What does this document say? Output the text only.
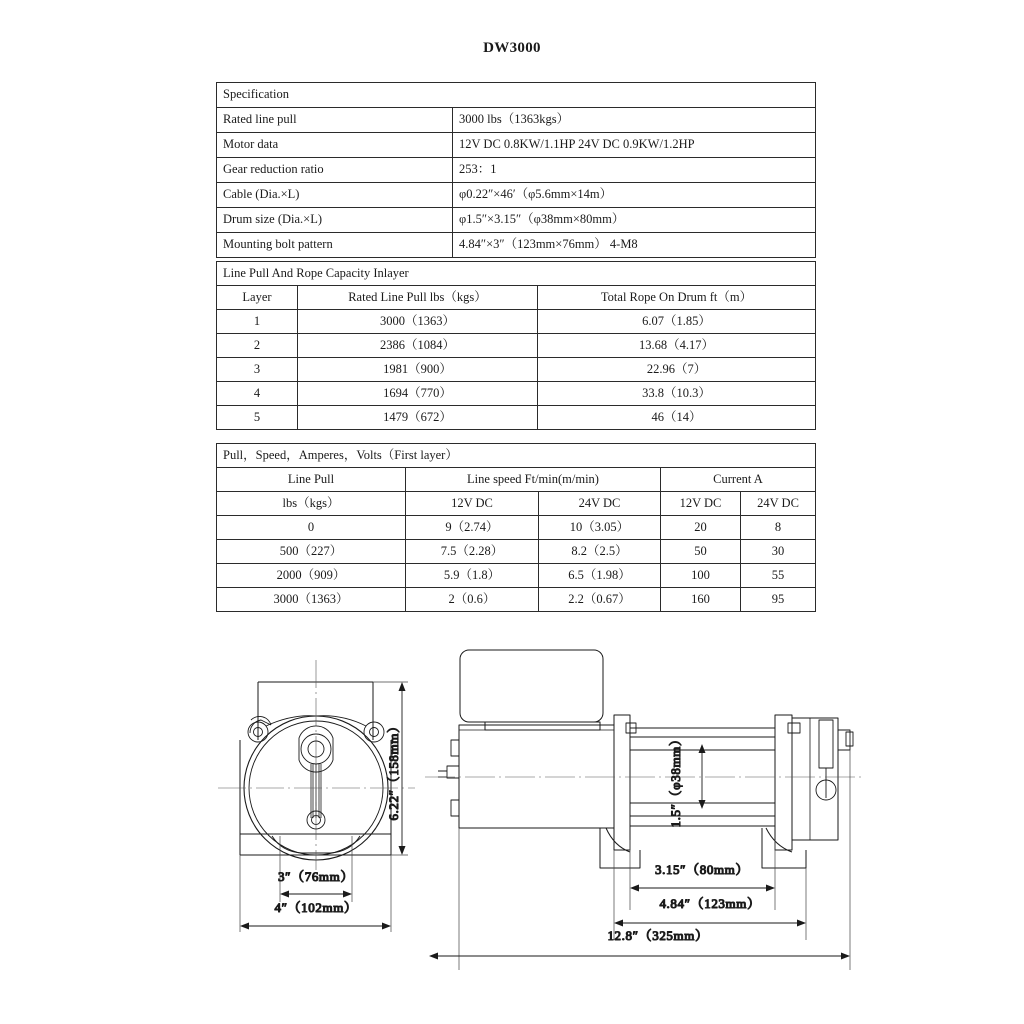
DW3000
Specification	
Rated line pull	3000 lbs（1363kgs）
Motor data	12V DC 0.8KW/1.1HP 24V DC 0.9KW/1.2HP
Gear reduction ratio	253：1
Cable (Dia.×L)	φ0.22″×46′（φ5.6mm×14m）
Drum size (Dia.×L)	φ1.5″×3.15″（φ38mm×80mm）
Mounting bolt pattern	4.84″×3″（123mm×76mm） 4-M8
Line Pull And Rope Capacity Inlayer		
Layer	Rated Line Pull lbs（kgs）	Total Rope On Drum ft（m）
1	3000（1363）	6.07（1.85）
2	2386（1084）	13.68（4.17）
3	1981（900）	22.96（7）
4	1694（770）	33.8（10.3）
5	1479（672）	46（14）
Pull，Speed，Amperes，Volts（First layer）				
Line Pull	Line speed Ft/min(m/min)		Current A	
lbs（kgs）	12V DC	24V DC	12V DC	24V DC
0	9（2.74）	10（3.05）	20	8
500（227）	7.5（2.28）	8.2（2.5）	50	30
2000（909）	5.9（1.8）	6.5（1.98）	100	55
3000（1363）	2（0.6）	2.2（0.67）	160	95
6.22″（158mm）
3″（76mm）
4″（102mm）
1.5″（φ38mm）
3.15″（80mm）
4.84″（123mm）
12.8″（325mm）
